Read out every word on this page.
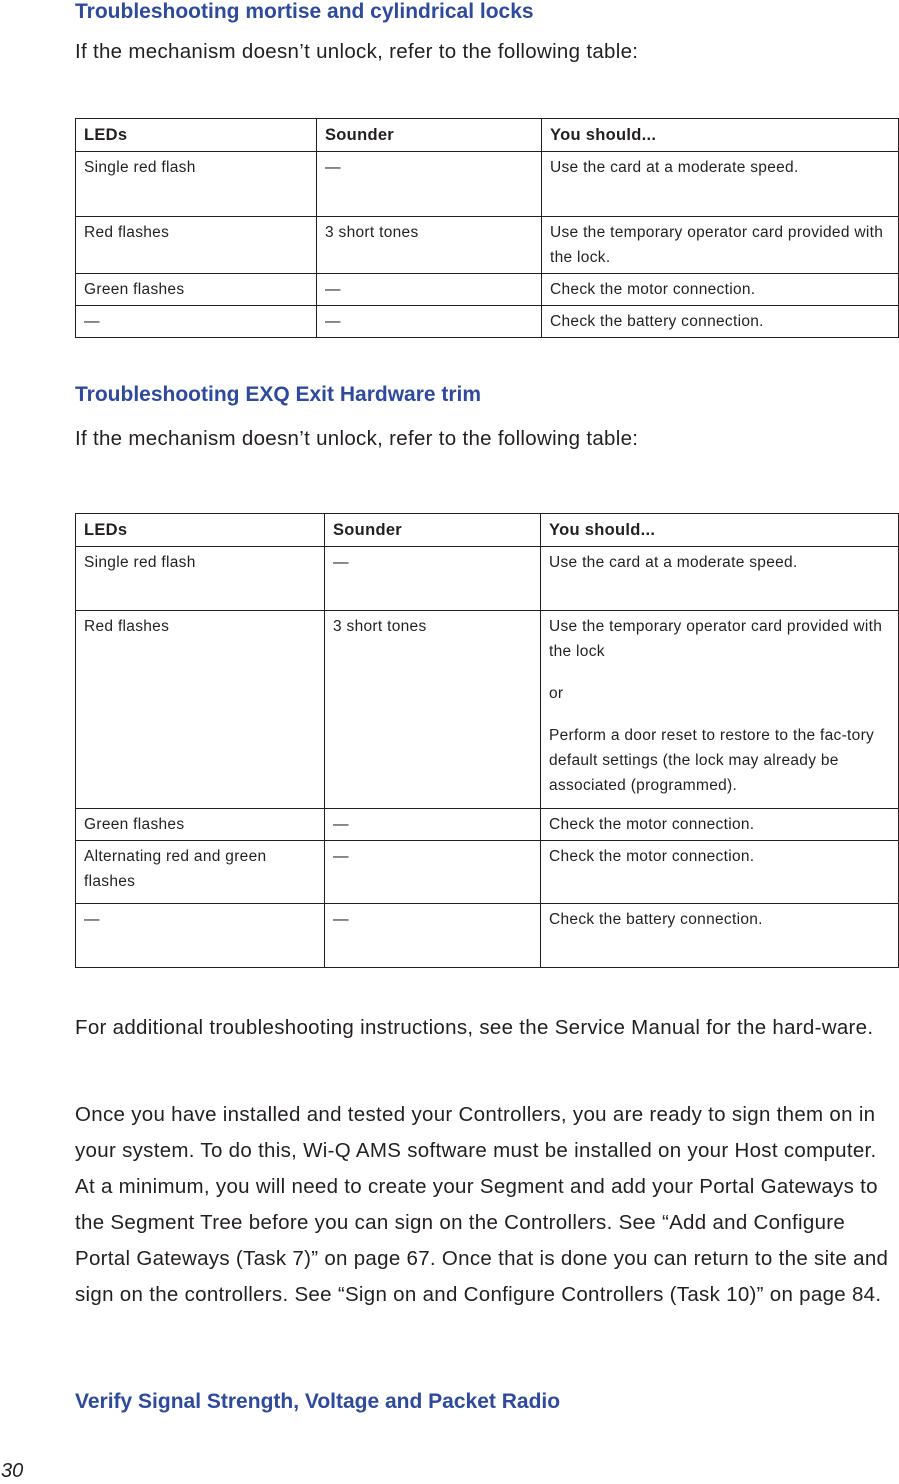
Troubleshooting mortise and cylindrical locks

If the mechanism doesn’t unlock, refer to the following table:

LEDs	Sounder	You should...
Single red flash	—	Use the card at a moderate speed.
Red flashes	3 short tones	Use the temporary operator card provided with the lock.
Green flashes	—	Check the motor connection.
—	—	Check the battery connection.
Troubleshooting EXQ Exit Hardware trim

If the mechanism doesn’t unlock, refer to the following table:

LEDs	Sounder	You should...
Single red flash	—	Use the card at a moderate speed.
Red flashes	3 short tones	Use the temporary operator card provided with the lock
or
Perform a door reset to restore to the fac-tory default settings (the lock may already be associated (programmed).

Green flashes	—	Check the motor connection.
Alternating red and green flashes	—	Check the motor connection.
—	—	Check the battery connection.

For additional troubleshooting instructions, see the Service Manual for the hard-ware.

Once you have installed and tested your Controllers, you are ready to sign them on in your system. To do this, Wi-Q AMS software must be installed on your Host computer. At a minimum, you will need to create your Segment and add your Portal Gateways to the Segment Tree before you can sign on the Controllers. See “Add and Configure Portal Gateways (Task 7)” on page 67. Once that is done you can return to the site and sign on the controllers. See “Sign on and Configure Controllers (Task 10)” on page 84.

Verify Signal Strength, Voltage and Packet Radio

30
